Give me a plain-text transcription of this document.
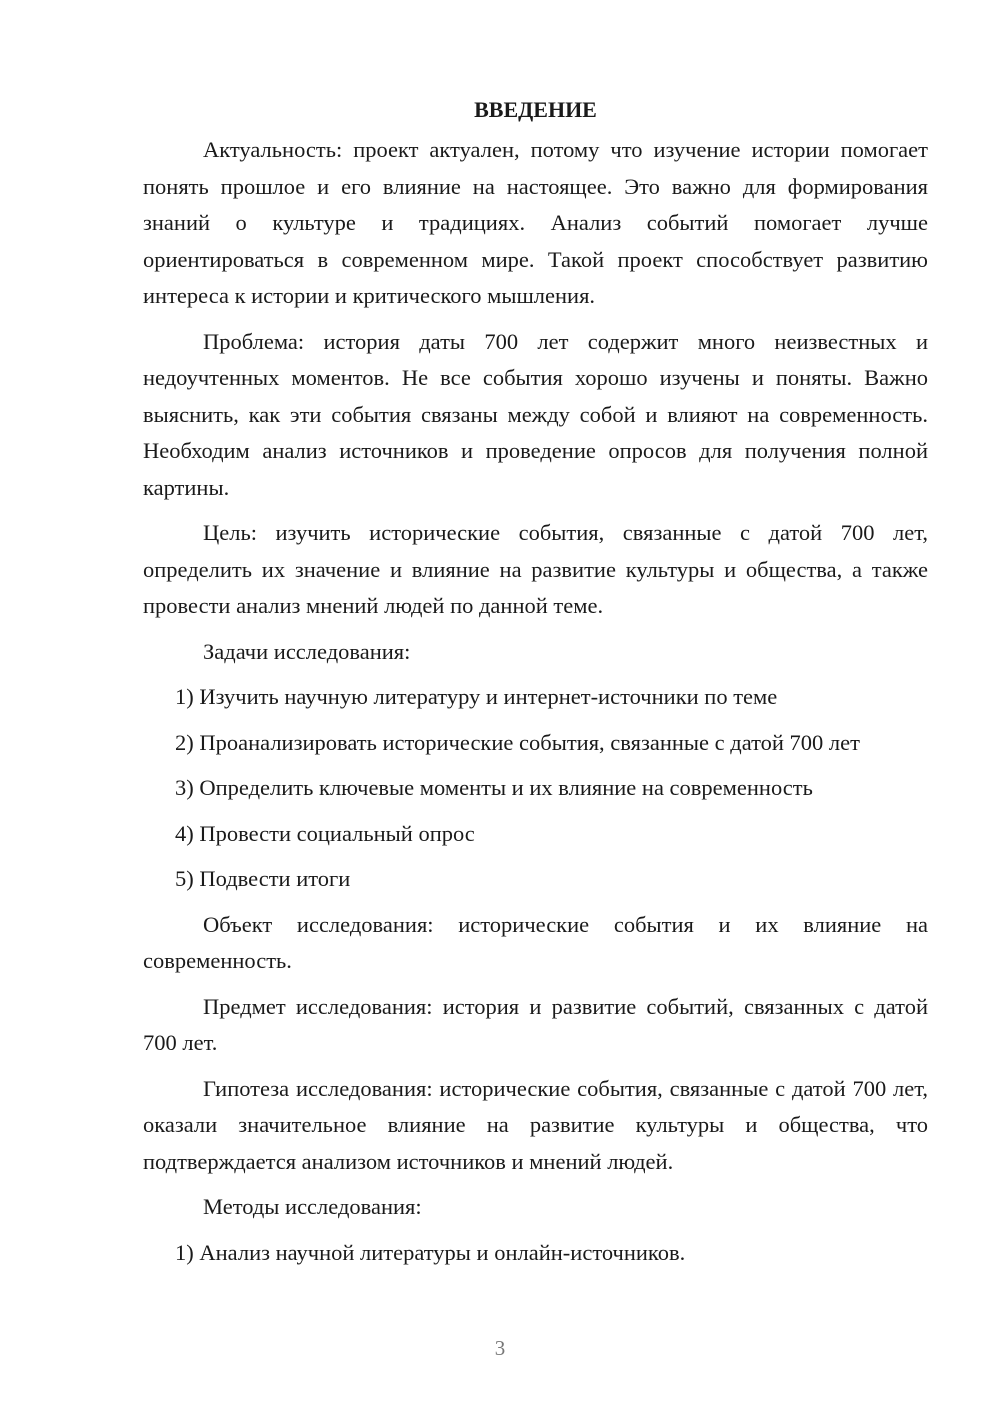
ВВЕДЕНИЕ

Актуальность: проект актуален, потому что изучение истории помогает понять прошлое и его влияние на настоящее. Это важно для формирования знаний о культуре и традициях. Анализ событий помогает лучше ориентироваться в современном мире. Такой проект способствует развитию интереса к истории и критического мышления.

Проблема: история даты 700 лет содержит много неизвестных и недоучтенных моментов. Не все события хорошо изучены и поняты. Важно выяснить, как эти события связаны между собой и влияют на современность. Необходим анализ источников и проведение опросов для получения полной картины.

Цель: изучить исторические события, связанные с датой 700 лет, определить их значение и влияние на развитие культуры и общества, а также провести анализ мнений людей по данной теме.

Задачи исследования:

1) Изучить научную литературу и интернет-источники по теме

2) Проанализировать исторические события, связанные с датой 700 лет

3) Определить ключевые моменты и их влияние на современность

4) Провести социальный опрос

5) Подвести итоги

Объект исследования: исторические события и их влияние на современность.

Предмет исследования: история и развитие событий, связанных с датой 700 лет.

Гипотеза исследования: исторические события, связанные с датой 700 лет, оказали значительное влияние на развитие культуры и общества, что подтверждается анализом источников и мнений людей.

Методы исследования:

1) Анализ научной литературы и онлайн-источников.

3
